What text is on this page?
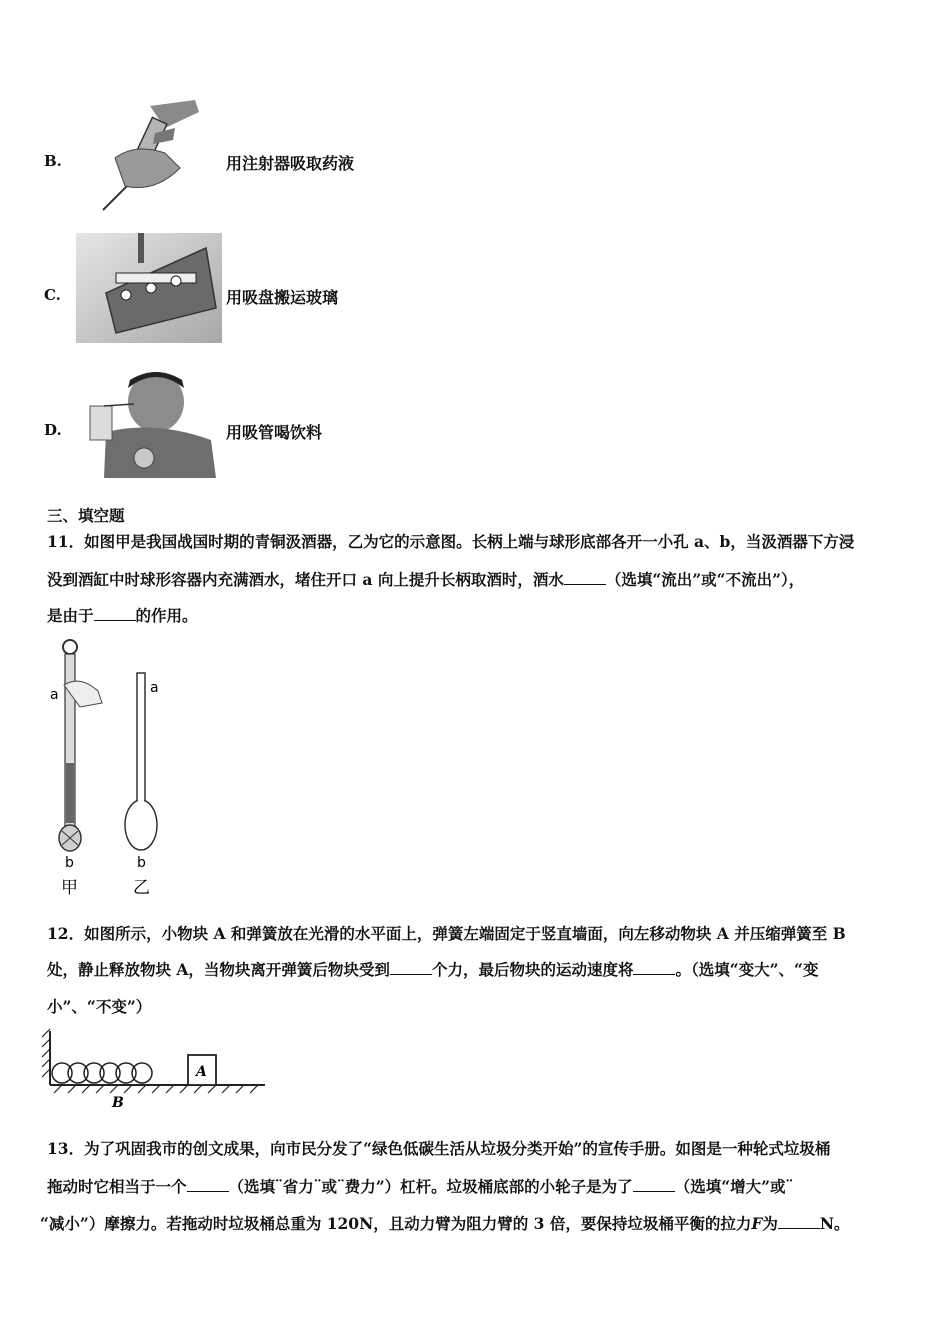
B.	用注射器吸取药液
C.	用吸盘搬运玻璃
D.	用吸管喝饮料
三、填空题
11．如图甲是我国战国时期的青铜汲酒器，乙为它的示意图。长柄上端与球形底部各开一小孔 a、b，当汲酒器下方浸
没到酒缸中时球形容器内充满酒水，堵住开口 a 向上提升长柄取酒时，酒水	（选填“流出”或“不流出”），
是由于	的作用。
a	a
b	b
甲	乙
12．如图所示，小物块 A 和弹簧放在光滑的水平面上，弹簧左端固定于竖直墙面，向左移动物块 A 并压缩弹簧至 B
处，静止释放物块 A，当物块离开弹簧后物块受到	个力，最后物块的运动速度将	。（选填“变大”、“变
小”、“不变”）
A
B
13．为了巩固我市的创文成果，向市民分发了“绿色低碳生活从垃圾分类开始”的宣传手册。如图是一种轮式垃圾桶
拖动时它相当于一个	（选填¨省力¨或¨费力”）杠杆。垃圾桶底部的小轮子是为了	（选填“增大”或¨
“减小”）摩擦力。若拖动时垃圾桶总重为 120N，且动力臂为阻力臂的 3 倍，要保持垃圾桶平衡的拉力F为	N。
